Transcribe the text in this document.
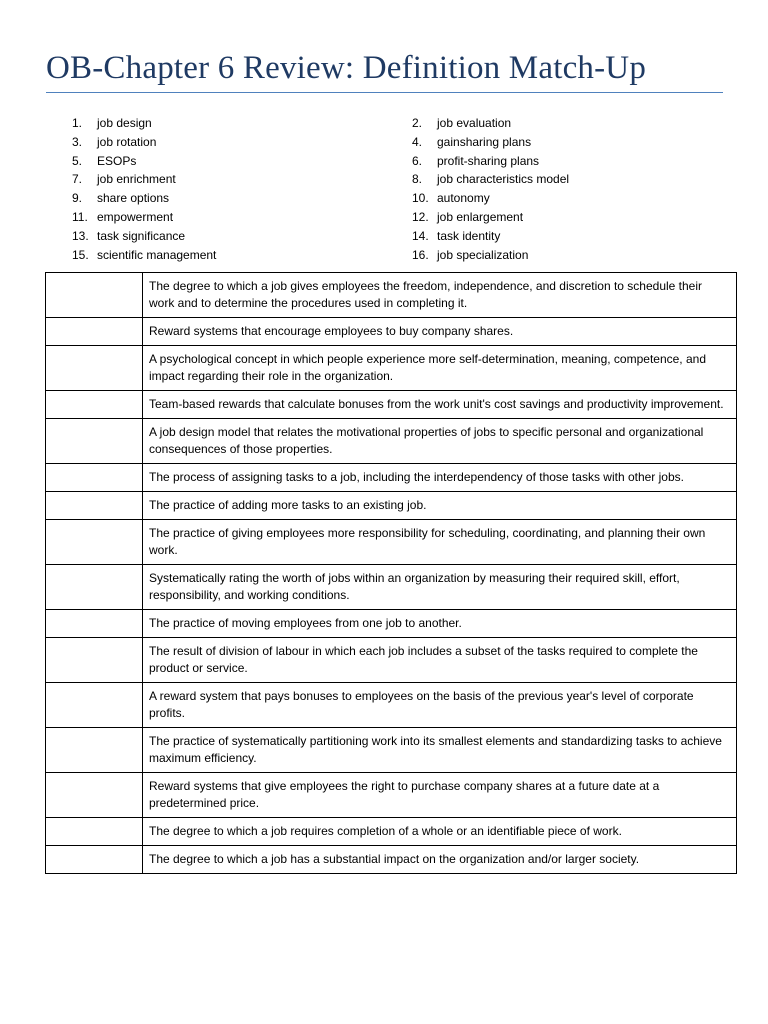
OB-Chapter 6 Review: Definition Match-Up
1.	job design
3.	job rotation
5.	ESOPs
7.	job enrichment
9.	share options
11. empowerment
13. task significance
15. scientific management
2.	job evaluation
4.	gainsharing plans
6.	profit-sharing plans
8.	job characteristics model
10. autonomy
12. job enlargement
14. task identity
16. job specialization
	The degree to which a job gives employees the freedom, independence, and discretion to schedule their work and to determine the procedures used in completing it.
	Reward systems that encourage employees to buy company shares.
	A psychological concept in which people experience more self-determination, meaning, competence, and impact regarding their role in the organization.
	Team-based rewards that calculate bonuses from the work unit's cost savings and productivity improvement.
	A job design model that relates the motivational properties of jobs to specific personal and organizational consequences of those properties.
	The process of assigning tasks to a job, including the interdependency of those tasks with other jobs.
	The practice of adding more tasks to an existing job.
	The practice of giving employees more responsibility for scheduling, coordinating, and planning their own work.
	Systematically rating the worth of jobs within an organization by measuring their required skill, effort, responsibility, and working conditions.
	The practice of moving employees from one job to another.
	The result of division of labour in which each job includes a subset of the tasks required to complete the product or service.
	A reward system that pays bonuses to employees on the basis of the previous year's level of corporate profits.
	The practice of systematically partitioning work into its smallest elements and standardizing tasks to achieve maximum efficiency.
	Reward systems that give employees the right to purchase company shares at a future date at a predetermined price.
	The degree to which a job requires completion of a whole or an identifiable piece of work.
	The degree to which a job has a substantial impact on the organization and/or larger society.
